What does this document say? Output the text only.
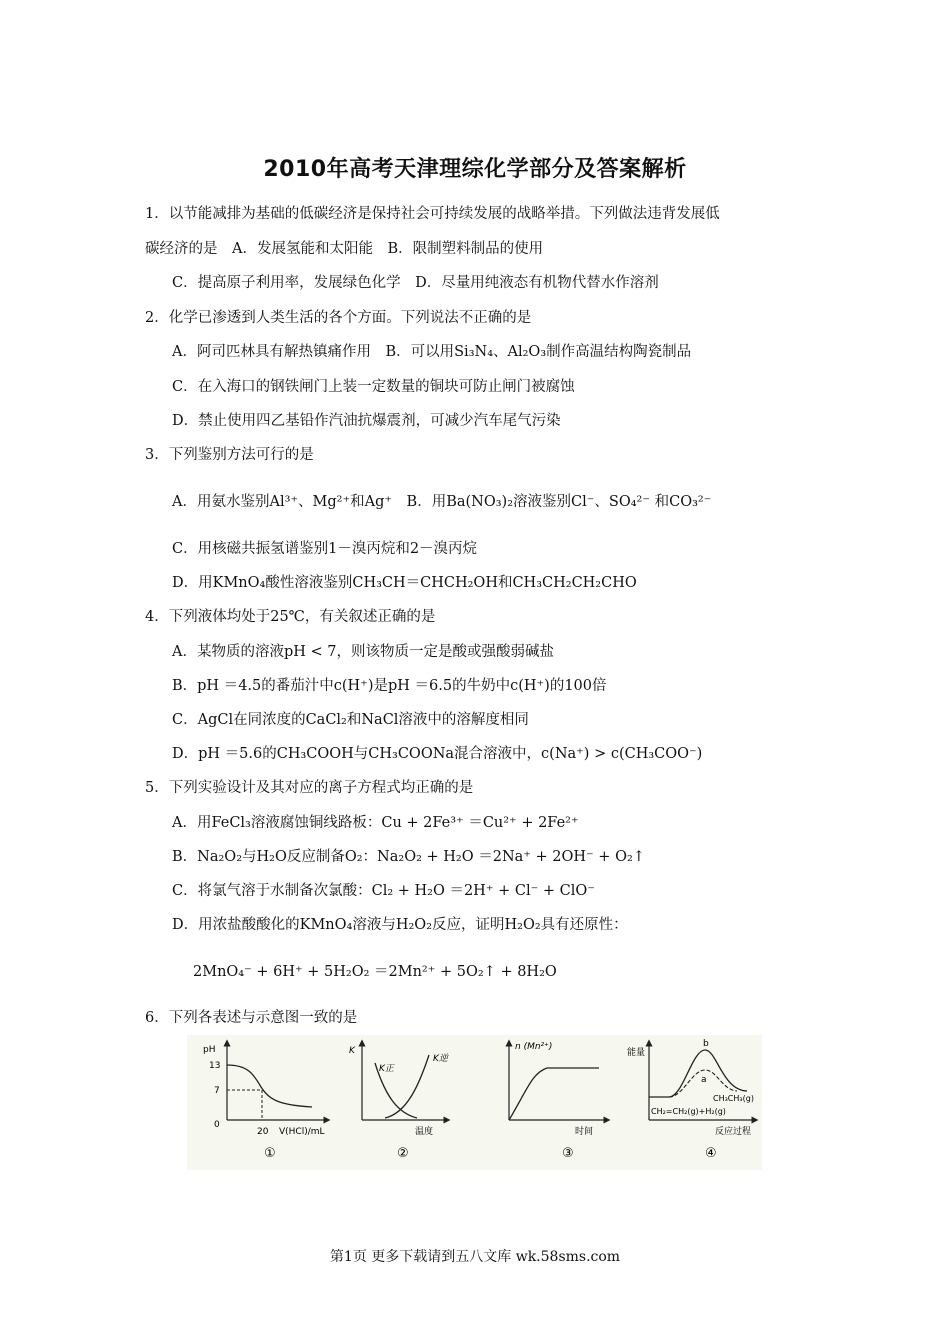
2010年高考天津理综化学部分及答案解析
1．以节能减排为基础的低碳经济是保持社会可持续发展的战略举措。下列做法违背发展低
碳经济的是　A．发展氢能和太阳能　B．限制塑料制品的使用
C．提高原子利用率，发展绿色化学　D．尽量用纯液态有机物代替水作溶剂
2．化学已渗透到人类生活的各个方面。下列说法不正确的是
A．阿司匹林具有解热镇痛作用　B．可以用Si₃N₄、Al₂O₃制作高温结构陶瓷制品
C．在入海口的钢铁闸门上装一定数量的铜块可防止闸门被腐蚀
D．禁止使用四乙基铅作汽油抗爆震剂，可减少汽车尾气污染
3．下列鉴别方法可行的是
A．用氨水鉴别Al³⁺、Mg²⁺和Ag⁺　B．用Ba(NO₃)₂溶液鉴别Cl⁻、SO₄²⁻ 和CO₃²⁻
C．用核磁共振氢谱鉴别1－溴丙烷和2－溴丙烷
D．用KMnO₄酸性溶液鉴别CH₃CH＝CHCH₂OH和CH₃CH₂CH₂CHO
4．下列液体均处于25℃，有关叙述正确的是
A．某物质的溶液pH < 7，则该物质一定是酸或强酸弱碱盐
B．pH ＝4.5的番茄汁中c(H⁺)是pH ＝6.5的牛奶中c(H⁺)的100倍
C．AgCl在同浓度的CaCl₂和NaCl溶液中的溶解度相同
D．pH ＝5.6的CH₃COOH与CH₃COONa混合溶液中，c(Na⁺) > c(CH₃COO⁻)
5．下列实验设计及其对应的离子方程式均正确的是
A．用FeCl₃溶液腐蚀铜线路板：Cu + 2Fe³⁺ ＝Cu²⁺ + 2Fe²⁺
B．Na₂O₂与H₂O反应制备O₂：Na₂O₂ + H₂O ＝2Na⁺ + 2OH⁻ + O₂↑
C．将氯气溶于水制备次氯酸：Cl₂ + H₂O ＝2H⁺ + Cl⁻ + ClO⁻
D．用浓盐酸酸化的KMnO₄溶液与H₂O₂反应，证明H₂O₂具有还原性：
2MnO₄⁻ + 6H⁺ + 5H₂O₂ ＝2Mn²⁺ + 5O₂↑ + 8H₂O
6．下列各表述与示意图一致的是
pH
13
7
0
20 V(HCl)/mL
①
K
K正
K逆
温度
②
n (Mn²⁺)
时间
③
能量
b
a
CH₃CH₃(g)
CH₂=CH₂(g)+H₂(g)
反应过程
④
第1页 更多下载请到五八文库 wk.58sms.com
